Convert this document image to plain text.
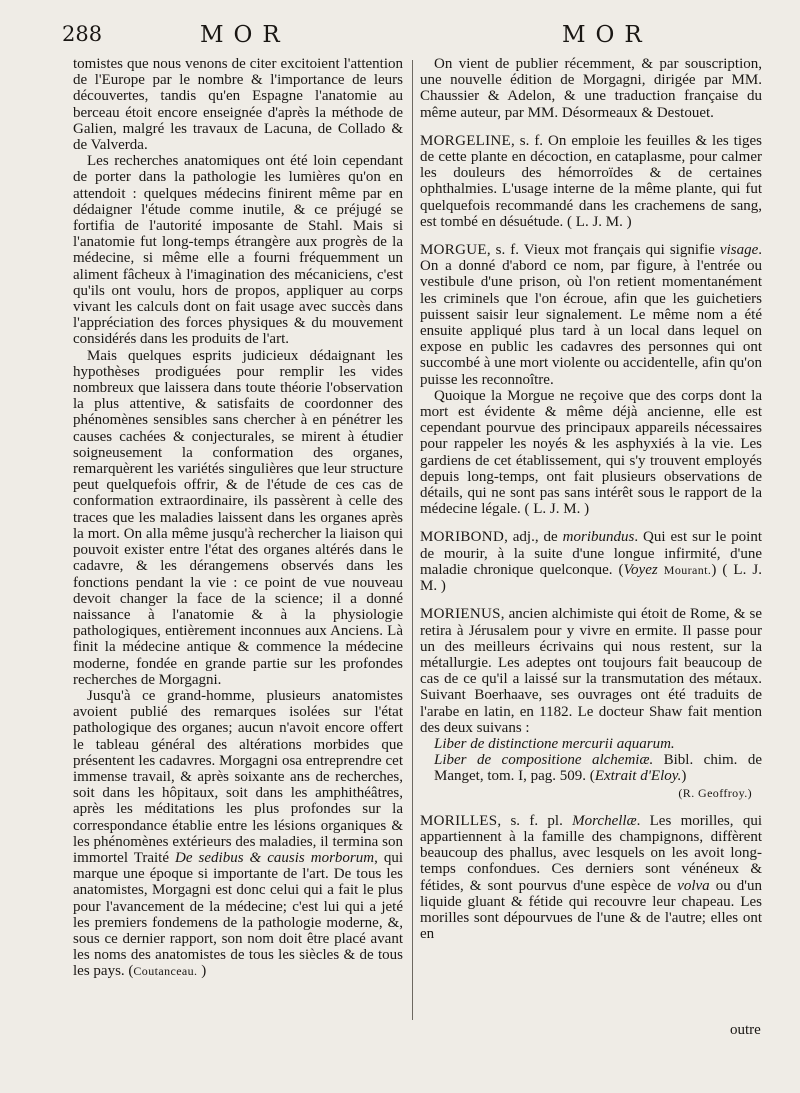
288	MOR	MOR

tomistes que nous venons de citer excitoient l'attention de l'Europe par le nombre & l'importance de leurs découvertes, tandis qu'en Espagne l'anatomie au berceau étoit encore enseignée d'après la méthode de Galien, malgré les travaux de Lacuna, de Collado & de Valverda.

Les recherches anatomiques ont été loin cependant de porter dans la pathologie les lumières qu'on en attendoit : quelques médecins finirent même par en dédaigner l'étude comme inutile, & ce préjugé se fortifia de l'autorité imposante de Stahl. Mais si l'anatomie fut long-temps étrangère aux progrès de la médecine, si même elle a fourni fréquemment un aliment fâcheux à l'imagination des mécaniciens, c'est qu'ils ont voulu, hors de propos, appliquer au corps vivant les calculs dont on fait usage avec succès dans l'appréciation des forces physiques & du mouvement considérés dans les produits de l'art.

Mais quelques esprits judicieux dédaignant les hypothèses prodiguées pour remplir les vides nombreux que laissera dans toute théorie l'observation la plus attentive, & satisfaits de coordonner des phénomènes sensibles sans chercher à en pénétrer les causes cachées & conjecturales, se mirent à étudier soigneusement la conformation des organes, remarquèrent les variétés singulières que leur structure peut quelquefois offrir, & de l'étude de ces cas de conformation extraordinaire, ils passèrent à celle des traces que les maladies laissent dans les organes après la mort. On alla même jusqu'à rechercher la liaison qui pouvoit exister entre l'état des organes altérés dans le cadavre, & les dérangemens observés dans les fonctions pendant la vie : ce point de vue nouveau devoit changer la face de la science; il a donné naissance à l'anatomie & à la physiologie pathologiques, entièrement inconnues aux Anciens. Là finit la médecine antique & commence la médecine moderne, fondée en grande partie sur les profondes recherches de Morgagni.

Jusqu'à ce grand-homme, plusieurs anatomistes avoient publié des remarques isolées sur l'état pathologique des organes; aucun n'avoit encore offert le tableau général des altérations morbides que présentent les cadavres. Morgagni osa entreprendre cet immense travail, & après soixante ans de recherches, soit dans les hôpitaux, soit dans les amphithéâtres, après les méditations les plus profondes sur la correspondance établie entre les lésions organiques & les phénomènes extérieurs des maladies, il termina son immortel Traité De sedibus & causis morborum, qui marque une époque si importante de l'art. De tous les anatomistes, Morgagni est donc celui qui a fait le plus pour l'avancement de la médecine; c'est lui qui a jeté les premiers fondemens de la pathologie moderne, &, sous ce dernier rapport, son nom doit être placé avant les noms des anatomistes de tous les siècles & de tous les pays. (Coutanceau. )

On vient de publier récemment, & par souscription, une nouvelle édition de Morgagni, dirigée par MM. Chaussier & Adelon, & une traduction française du même auteur, par MM. Désormeaux & Destouet.

MORGELINE, s. f. On emploie les feuilles & les tiges de cette plante en décoction, en cataplasme, pour calmer les douleurs des hémorroïdes & de certaines ophthalmies. L'usage interne de la même plante, qui fut quelquefois recommandé dans les crachemens de sang, est tombé en désuétude. ( L. J. M. )

MORGUE, s. f. Vieux mot français qui signifie visage. On a donné d'abord ce nom, par figure, à l'entrée ou vestibule d'une prison, où l'on retient momentanément les criminels que l'on écroue, afin que les guichetiers puissent saisir leur signalement. Le même nom a été ensuite appliqué plus tard à un local dans lequel on expose en public les cadavres des personnes qui ont succombé à une mort violente ou accidentelle, afin qu'on puisse les reconnoître.

Quoique la Morgue ne reçoive que des corps dont la mort est évidente & même déjà ancienne, elle est cependant pourvue des principaux appareils nécessaires pour rappeler les noyés & les asphyxiés à la vie. Les gardiens de cet établissement, qui s'y trouvent employés depuis long-temps, ont fait plusieurs observations de détails, qui ne sont pas sans intérêt sous le rapport de la médecine légale. ( L. J. M. )

MORIBOND, adj., de moribundus. Qui est sur le point de mourir, à la suite d'une longue infirmité, d'une maladie chronique quelconque. (Voyez Mourant.) ( L. J. M. )

MORIENUS, ancien alchimiste qui étoit de Rome, & se retira à Jérusalem pour y vivre en ermite. Il passe pour un des meilleurs écrivains qui nous restent, sur la métallurgie. Les adeptes ont toujours fait beaucoup de cas de ce qu'il a laissé sur la transmutation des métaux. Suivant Boerhaave, ses ouvrages ont été traduits de l'arabe en latin, en 1182. Le docteur Shaw fait mention des deux suivans :

Liber de distinctione mercurii aquarum.

Liber de compositione alchemiæ. Bibl. chim. de Manget, tom. I, pag. 509. (Extrait d'Eloy.)

(R. Geoffroy.)

MORILLES, s. f. pl. Morchellæ. Les morilles, qui appartiennent à la famille des champignons, diffèrent beaucoup des phallus, avec lesquels on les avoit long-temps confondues. Ces derniers sont vénéneux & fétides, & sont pourvus d'une espèce de volva ou d'un liquide gluant & fétide qui recouvre leur chapeau. Les morilles sont dépourvues de l'une & de l'autre; elles ont en

outre
